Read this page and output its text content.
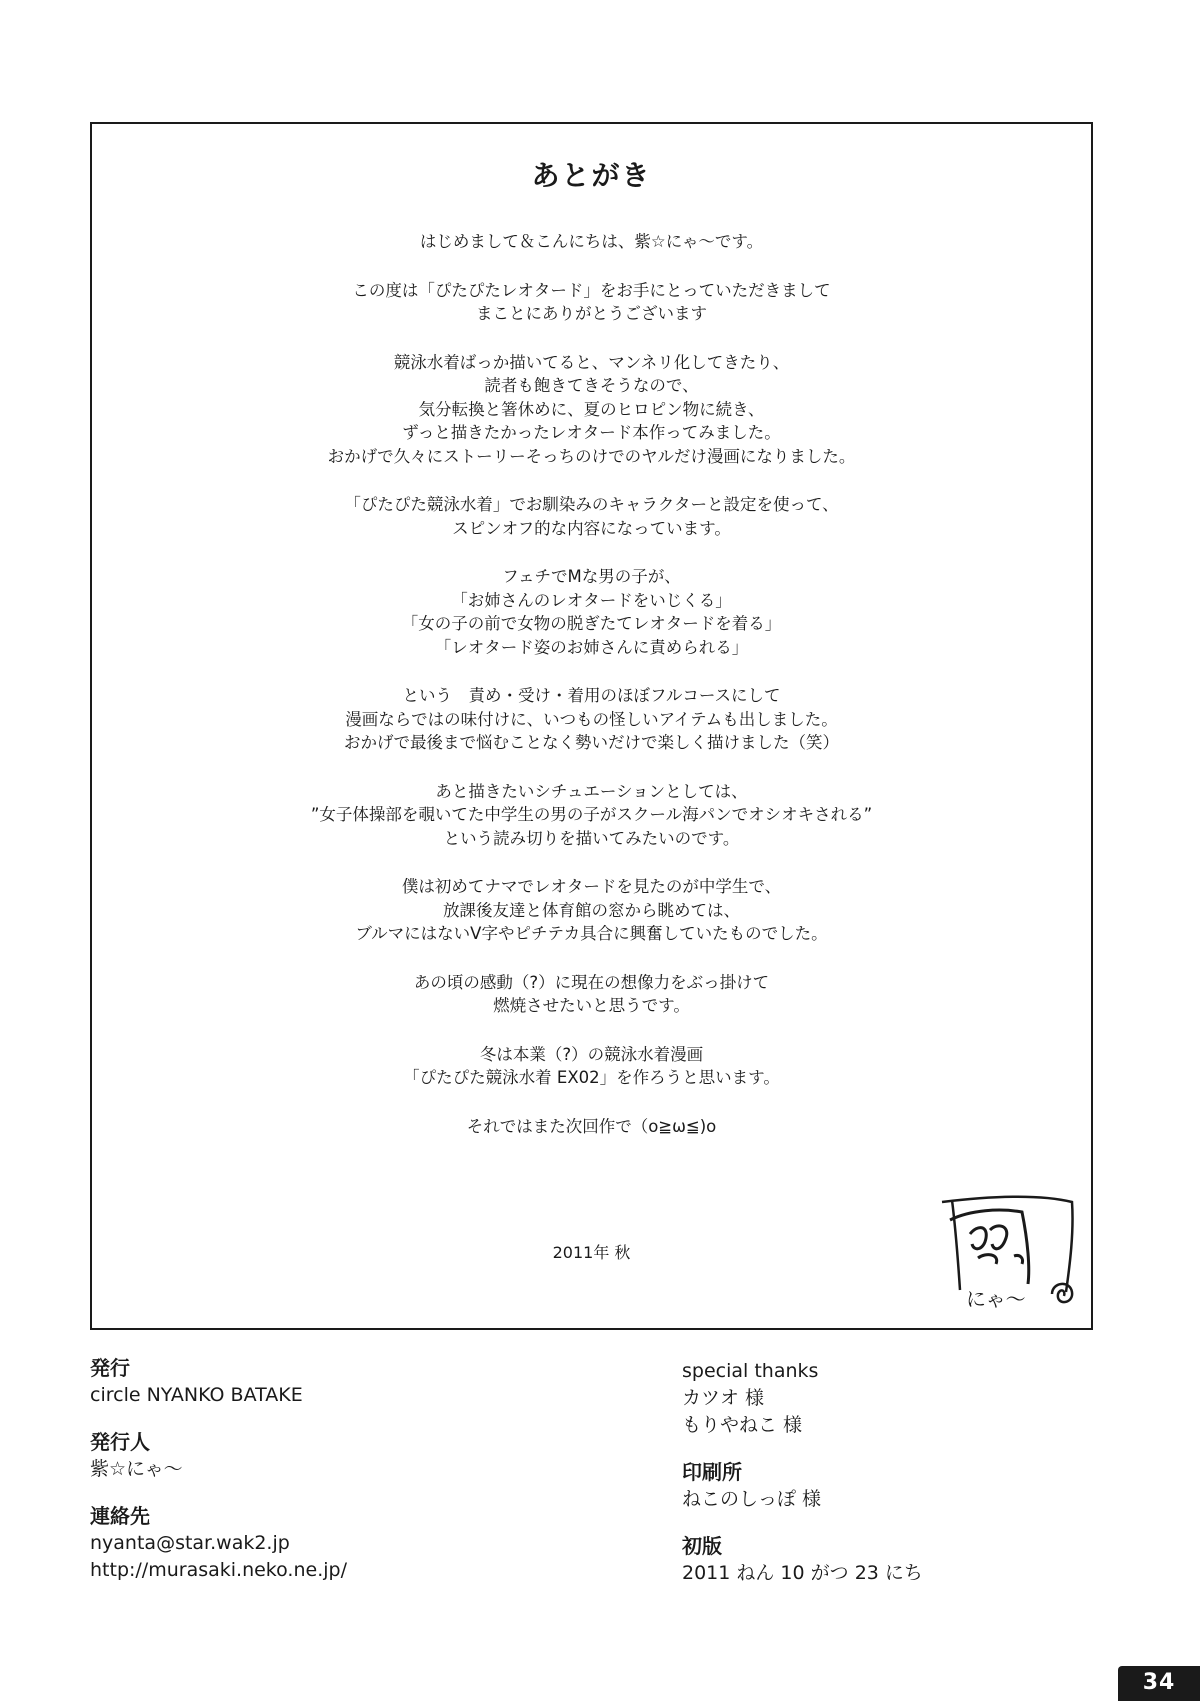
あとがき
はじめまして＆こんにちは、紫☆にゃ～です。
この度は「ぴたぴたレオタード」をお手にとっていただきまして
まことにありがとうございます
競泳水着ばっか描いてると、マンネリ化してきたり、
読者も飽きてきそうなので、
気分転換と箸休めに、夏のヒロピン物に続き、
ずっと描きたかったレオタード本作ってみました。
おかげで久々にストーリーそっちのけでのヤルだけ漫画になりました。
「ぴたぴた競泳水着」でお馴染みのキャラクターと設定を使って、
スピンオフ的な内容になっています。
フェチでMな男の子が、
「お姉さんのレオタードをいじくる」
「女の子の前で女物の脱ぎたてレオタードを着る」
「レオタード姿のお姉さんに責められる」
という　責め・受け・着用のほぼフルコースにして
漫画ならではの味付けに、いつもの怪しいアイテムも出しました。
おかげで最後まで悩むことなく勢いだけで楽しく描けました（笑）
あと描きたいシチュエーションとしては、
”女子体操部を覗いてた中学生の男の子がスクール海パンでオシオキされる”
という読み切りを描いてみたいのです。
僕は初めてナマでレオタードを見たのが中学生で、
放課後友達と体育館の窓から眺めては、
ブルマにはないV字やピチテカ具合に興奮していたものでした。
あの頃の感動（?）に現在の想像力をぶっ掛けて
燃焼させたいと思うです。
冬は本業（?）の競泳水着漫画
「ぴたぴた競泳水着 EX02」を作ろうと思います。
それではまた次回作で（o≧ω≦)o
2011年 秋
にゃ～
発行
circle NYANKO BATAKE
発行人
紫☆にゃ～
連絡先
nyanta@star.wak2.jp
http://murasaki.neko.ne.jp/
special thanks
カツオ 様
もりやねこ 様
印刷所
ねこのしっぽ 様
初版
2011 ねん 10 がつ 23 にち
34
